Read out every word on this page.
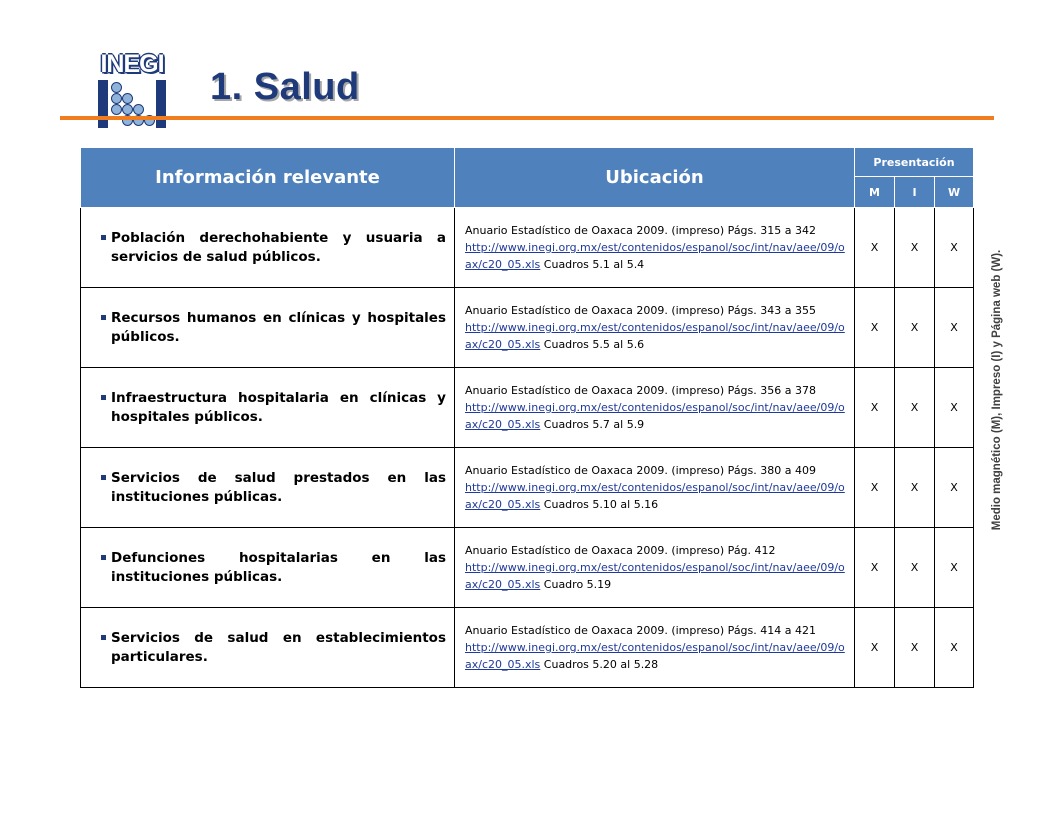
INEGI
1. Salud
Información relevante	Ubicación	Presentación		
		M	I	W

Población derechohabiente y usuaria a servicios de salud públicos.	Anuario Estadístico de Oaxaca 2009. (impreso) Págs. 315 a 342
http://www.inegi.org.mx/est/contenidos/espanol/soc/int/nav/aee/09/oax/c20_05.xls Cuadros 5.1 al 5.4	X	X	X

Recursos humanos en clínicas y hospitales públicos.	Anuario Estadístico de Oaxaca 2009. (impreso) Págs. 343 a 355
http://www.inegi.org.mx/est/contenidos/espanol/soc/int/nav/aee/09/oax/c20_05.xls Cuadros 5.5 al 5.6	X	X	X

Infraestructura hospitalaria en clínicas y hospitales públicos.	Anuario Estadístico de Oaxaca 2009. (impreso) Págs. 356 a 378
http://www.inegi.org.mx/est/contenidos/espanol/soc/int/nav/aee/09/oax/c20_05.xls Cuadros 5.7 al 5.9	X	X	X

Servicios de salud prestados en las instituciones públicas.	Anuario Estadístico de Oaxaca 2009. (impreso) Págs. 380 a 409
http://www.inegi.org.mx/est/contenidos/espanol/soc/int/nav/aee/09/oax/c20_05.xls Cuadros 5.10 al 5.16	X	X	X

Defunciones hospitalarias en las instituciones públicas.	Anuario Estadístico de Oaxaca 2009. (impreso) Pág. 412
http://www.inegi.org.mx/est/contenidos/espanol/soc/int/nav/aee/09/oax/c20_05.xls Cuadro 5.19	X	X	X

Servicios de salud en establecimientos particulares.	Anuario Estadístico de Oaxaca 2009. (impreso) Págs. 414 a 421
http://www.inegi.org.mx/est/contenidos/espanol/soc/int/nav/aee/09/oax/c20_05.xls Cuadros 5.20 al 5.28	X	X	X
Medio magnético (M), Impreso (I) y Página web (W).
